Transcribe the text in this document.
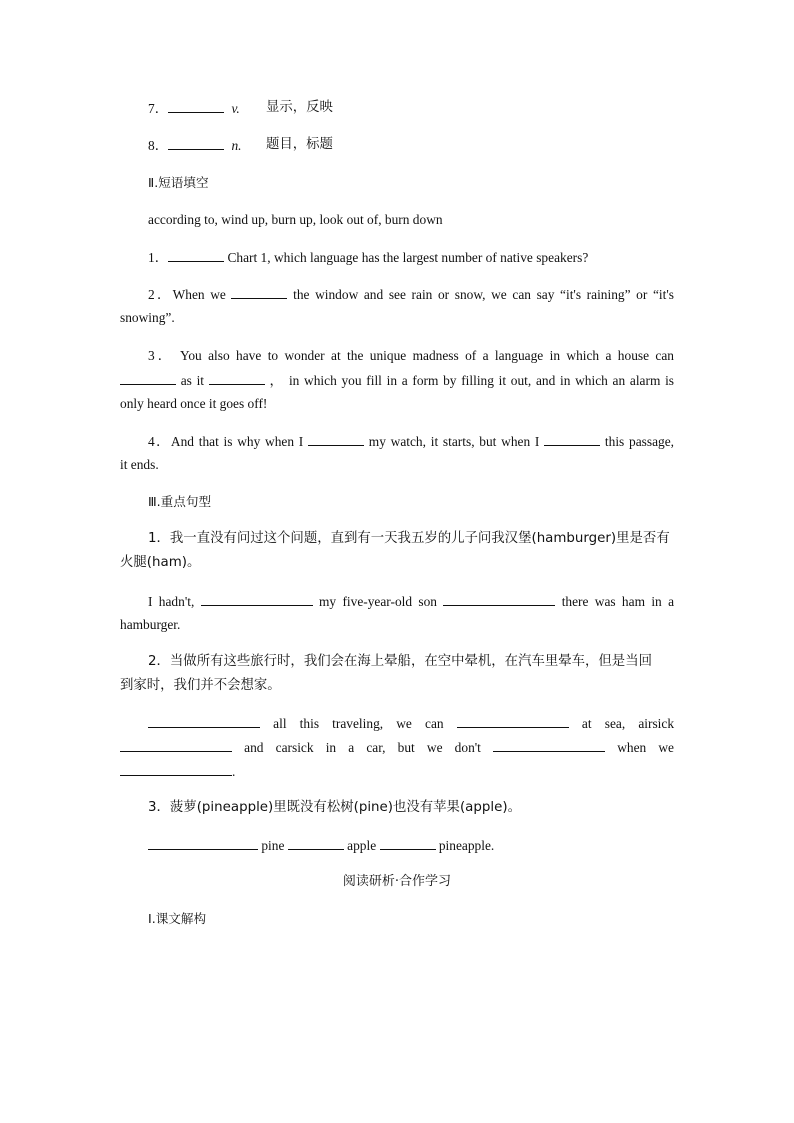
7．	v. 显示，反映
8．	n. 题目，标题
Ⅱ.短语填空
according to, wind up, burn up, look out of, burn down
1．	Chart 1, which language has the largest number of native speakers?
2．When we	the window and see rain or snow, we can say “it's raining” or “it's
snowing”.
3． You also have to wonder at the unique madness of a language in which a house can
as it	， in which you fill in a form by filling it out, and in which an alarm is
only heard once it goes off!
4．And that is why when I	my watch, it starts, but when I	this passage,
it ends.
Ⅲ.重点句型
1．我一直没有问过这个问题，直到有一天我五岁的儿子问我汉堡(hamburger)里是否有
火腿(ham)。
I hadn't,	my five-year-old son	there was ham in a
hamburger.
2．当做所有这些旅行时，我们会在海上晕船，在空中晕机，在汽车里晕车，但是当回
到家时，我们并不会想家。
all this traveling, we can	at sea, airsick
and carsick in a car, but we don't	when we
.
3．菠萝(pineapple)里既没有松树(pine)也没有苹果(apple)。
pine	apple	pineapple.
阅读研析·合作学习
Ⅰ.课文解构
